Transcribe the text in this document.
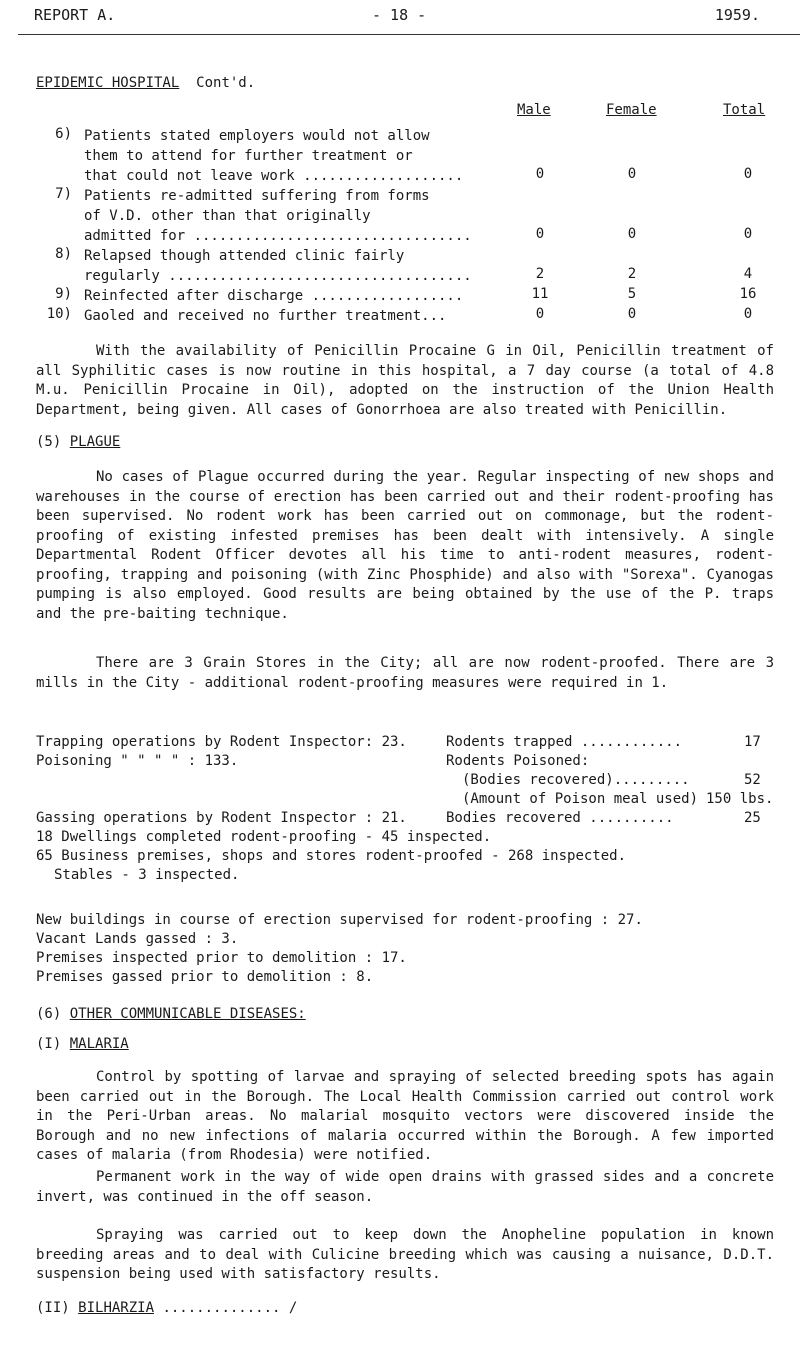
REPORT A.	- 18 -	1959.
EPIDEMIC HOSPITAL Cont'd.
Male	Female	Total
6) Patients stated employers would not allow
them to attend for further treatment or
that could not leave work ...................	0	0	0
7) Patients re-admitted suffering from forms
of V.D. other than that originally
admitted for .................................	0	0	0
8) Relapsed though attended clinic fairly
regularly ....................................	2	2	4
9) Reinfected after discharge ..................	11	5	16
10) Gaoled and received no further treatment...	0	0	0

With the availability of Penicillin Procaine G in Oil, Penicillin treatment of all Syphilitic cases is now routine in this hospital, a 7 day course (a total of 4.8 M.u. Penicillin Procaine in Oil), adopted on the instruction of the Union Health Department, being given. All cases of Gonorrhoea are also treated with Penicillin.

(5) PLAGUE

No cases of Plague occurred during the year. Regular inspecting of new shops and warehouses in the course of erection has been carried out and their rodent-proofing has been supervised. No rodent work has been carried out on commonage, but the rodent-proofing of existing infested premises has been dealt with intensively. A single Departmental Rodent Officer devotes all his time to anti-rodent measures, rodent-proofing, trapping and poisoning (with Zinc Phosphide) and also with "Sorexa". Cyanogas pumping is also employed. Good results are being obtained by the use of the P. traps and the pre-baiting technique.

There are 3 Grain Stores in the City; all are now rodent-proofed. There are 3 mills in the City - additional rodent-proofing measures were required in 1.

Trapping operations by Rodent Inspector: 23.	Rodents trapped ............	17
Poisoning " " " " : 133.	Rodents Poisoned:
(Bodies recovered).........	52
(Amount of Poison meal used) 150 lbs.
Gassing operations by Rodent Inspector : 21.	Bodies recovered ..........	25
18 Dwellings completed rodent-proofing - 45 inspected.
65 Business premises, shops and stores rodent-proofed - 268 inspected.
Stables - 3 inspected.
New buildings in course of erection supervised for rodent-proofing : 27.
Vacant Lands gassed : 3.
Premises inspected prior to demolition : 17.
Premises gassed prior to demolition : 8.
(6) OTHER COMMUNICABLE DISEASES:
(I) MALARIA

Control by spotting of larvae and spraying of selected breeding spots has again been carried out in the Borough. The Local Health Commission carried out control work in the Peri-Urban areas. No malarial mosquito vectors were discovered inside the Borough and no new infections of malaria occurred within the Borough. A few imported cases of malaria (from Rhodesia) were notified.

Permanent work in the way of wide open drains with grassed sides and a concrete invert, was continued in the off season.

Spraying was carried out to keep down the Anopheline population in known breeding areas and to deal with Culicine breeding which was causing a nuisance, D.D.T. suspension being used with satisfactory results.

(II) BILHARZIA .............. /
